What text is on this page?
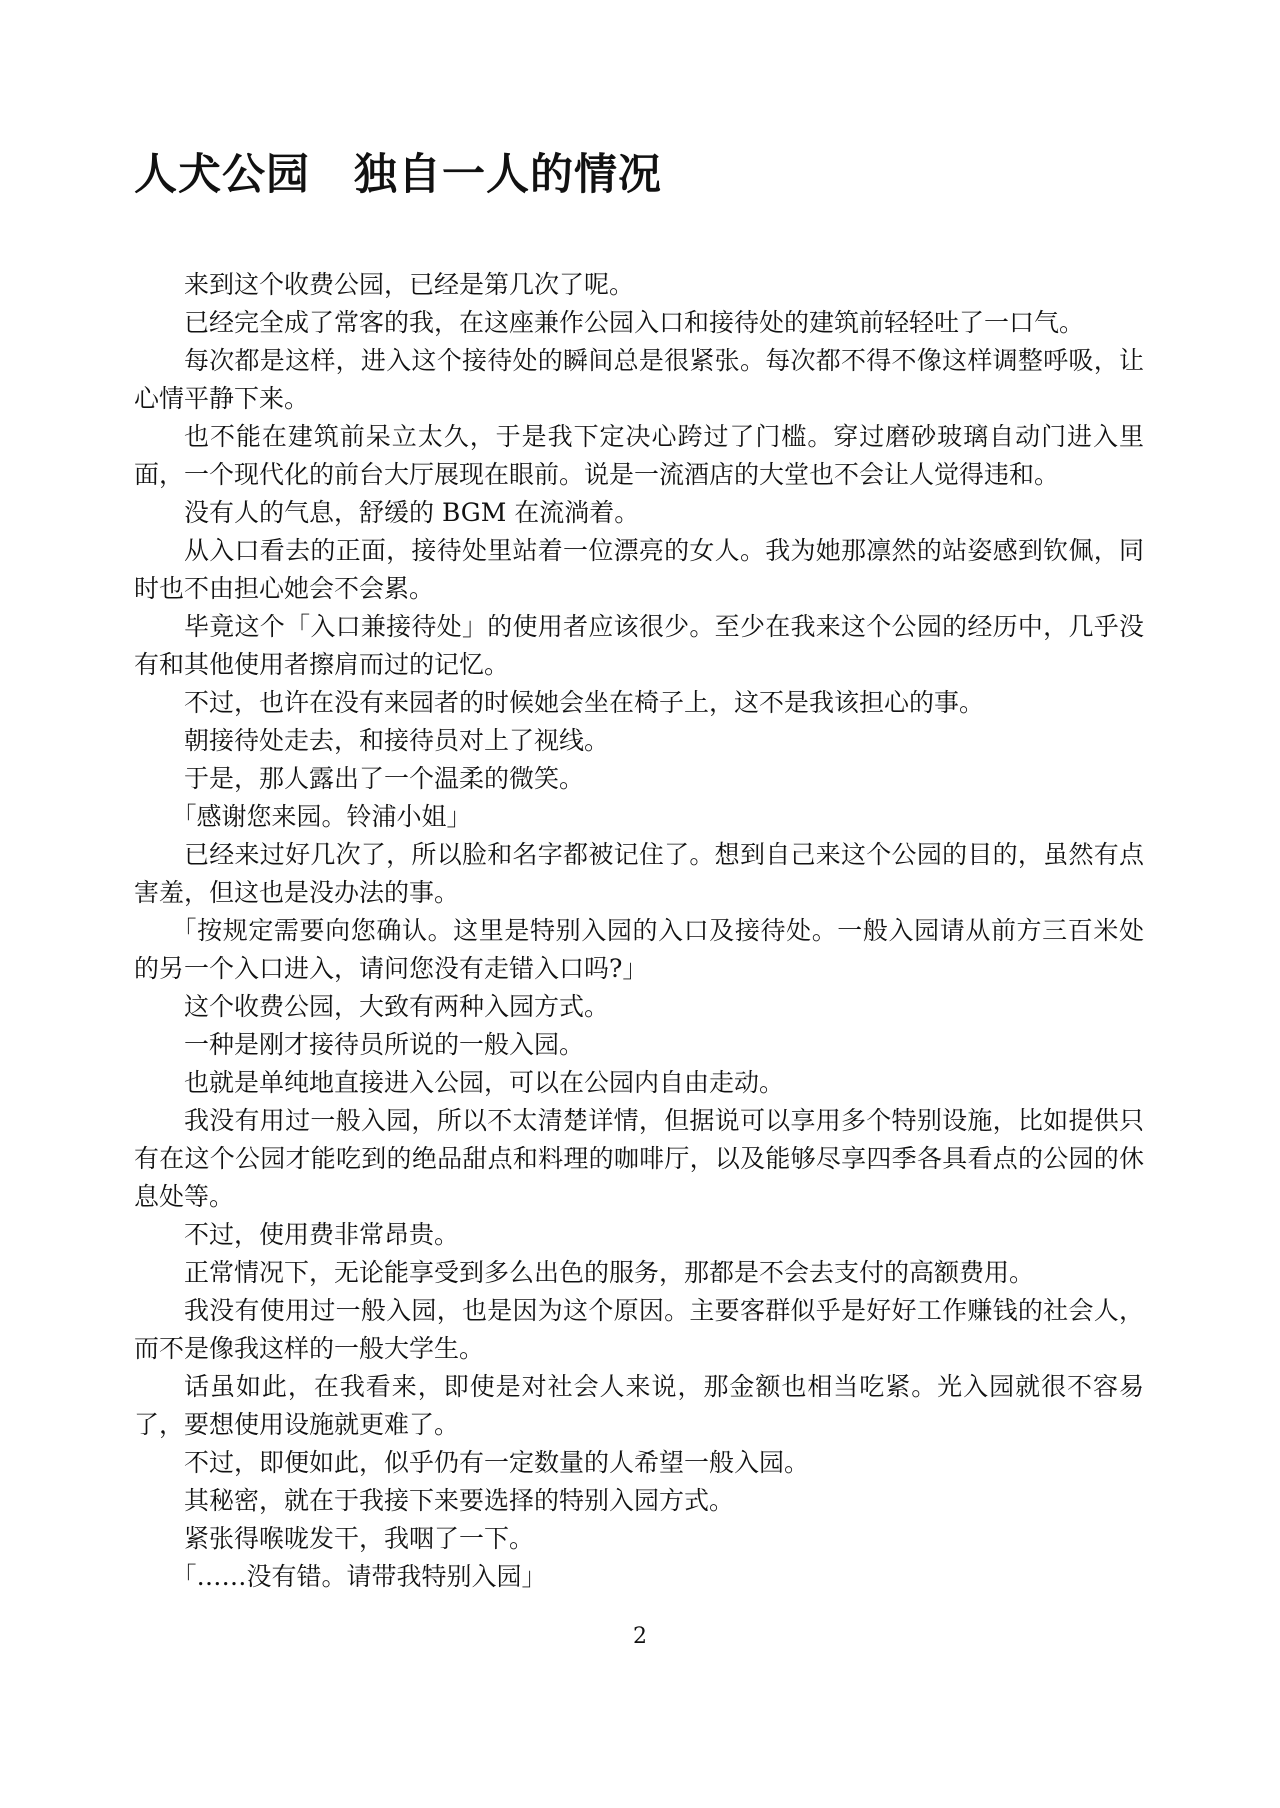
人犬公园　独自一人的情况

来到这个收费公园，已经是第几次了呢。

已经完全成了常客的我，在这座兼作公园入口和接待处的建筑前轻轻吐了一口气。

每次都是这样，进入这个接待处的瞬间总是很紧张。每次都不得不像这样调整呼吸，让心情平静下来。

也不能在建筑前呆立太久，于是我下定决心跨过了门槛。穿过磨砂玻璃自动门进入里面，一个现代化的前台大厅展现在眼前。说是一流酒店的大堂也不会让人觉得违和。

没有人的气息，舒缓的 BGM 在流淌着。

从入口看去的正面，接待处里站着一位漂亮的女人。我为她那凛然的站姿感到钦佩，同时也不由担心她会不会累。

毕竟这个「入口兼接待处」的使用者应该很少。至少在我来这个公园的经历中，几乎没有和其他使用者擦肩而过的记忆。

不过，也许在没有来园者的时候她会坐在椅子上，这不是我该担心的事。

朝接待处走去，和接待员对上了视线。

于是，那人露出了一个温柔的微笑。

「感谢您来园。铃浦小姐」

已经来过好几次了，所以脸和名字都被记住了。想到自己来这个公园的目的，虽然有点害羞，但这也是没办法的事。

「按规定需要向您确认。这里是特别入园的入口及接待处。一般入园请从前方三百米处的另一个入口进入，请问您没有走错入口吗?」

这个收费公园，大致有两种入园方式。

一种是刚才接待员所说的一般入园。

也就是单纯地直接进入公园，可以在公园内自由走动。

我没有用过一般入园，所以不太清楚详情，但据说可以享用多个特别设施，比如提供只有在这个公园才能吃到的绝品甜点和料理的咖啡厅，以及能够尽享四季各具看点的公园的休息处等。

不过，使用费非常昂贵。

正常情况下，无论能享受到多么出色的服务，那都是不会去支付的高额费用。

我没有使用过一般入园，也是因为这个原因。主要客群似乎是好好工作赚钱的社会人，而不是像我这样的一般大学生。

话虽如此，在我看来，即使是对社会人来说，那金额也相当吃紧。光入园就很不容易了，要想使用设施就更难了。

不过，即便如此，似乎仍有一定数量的人希望一般入园。

其秘密，就在于我接下来要选择的特别入园方式。

紧张得喉咙发干，我咽了一下。

「……没有错。请带我特别入园」

2
